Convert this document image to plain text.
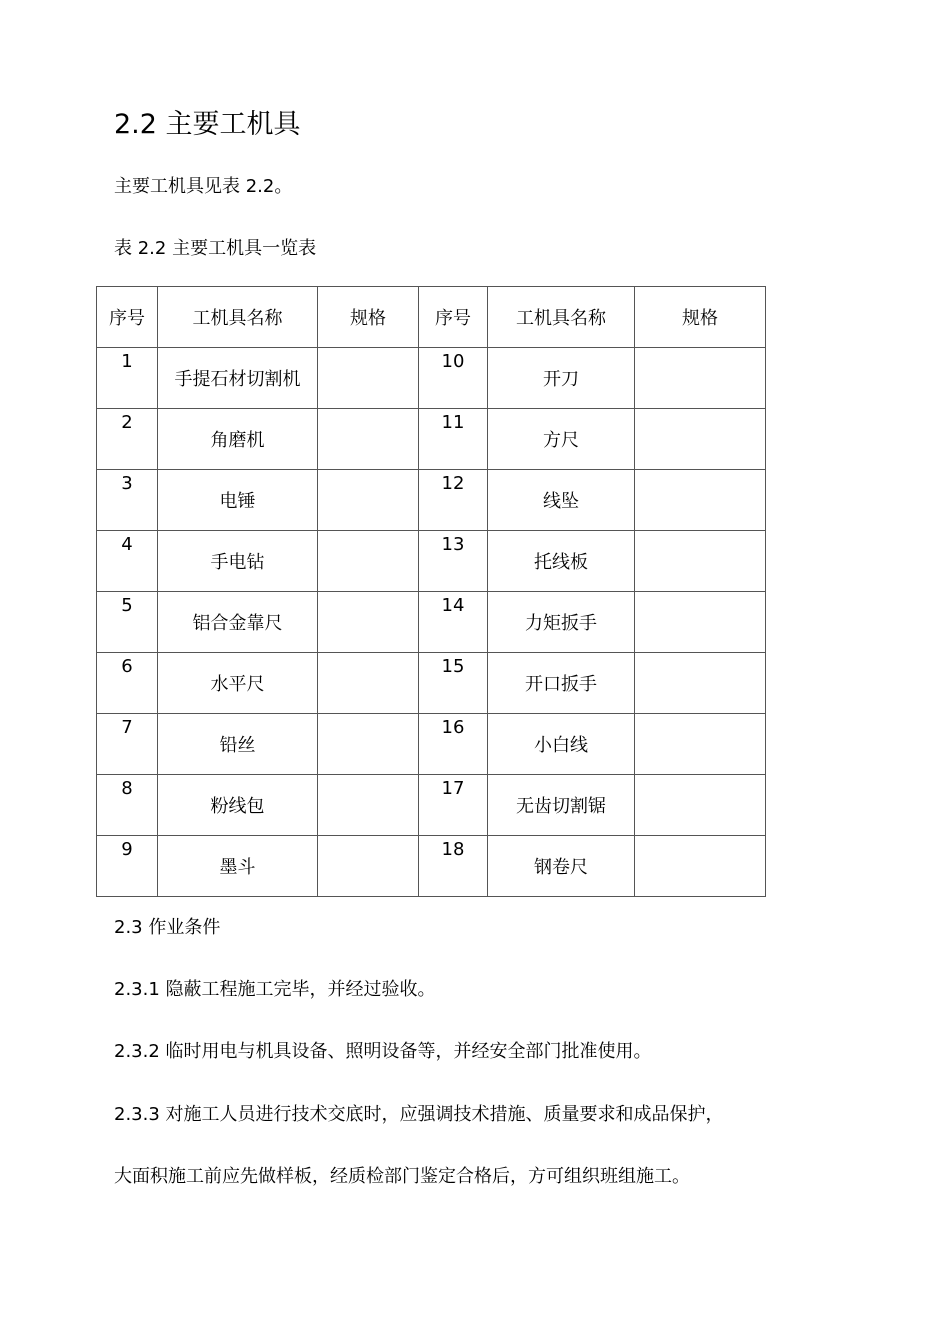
2.2 主要工机具

主要工机具见表 2.2。

表 2.2 主要工机具一览表

序号	工机具名称	规格	序号	工机具名称	规格
1	手提石材切割机		10	开刀	
2	角磨机		11	方尺	
3	电锤		12	线坠	
4	手电钻		13	托线板	
5	铝合金靠尺		14	力矩扳手	
6	水平尺		15	开口扳手	
7	铅丝		16	小白线	
8	粉线包		17	无齿切割锯	
9	墨斗		18	钢卷尺	

2.3 作业条件

2.3.1 隐蔽工程施工完毕，并经过验收。

2.3.2 临时用电与机具设备、照明设备等，并经安全部门批准使用。

2.3.3 对施工人员进行技术交底时，应强调技术措施、质量要求和成品保护，

大面积施工前应先做样板，经质检部门鉴定合格后，方可组织班组施工。
